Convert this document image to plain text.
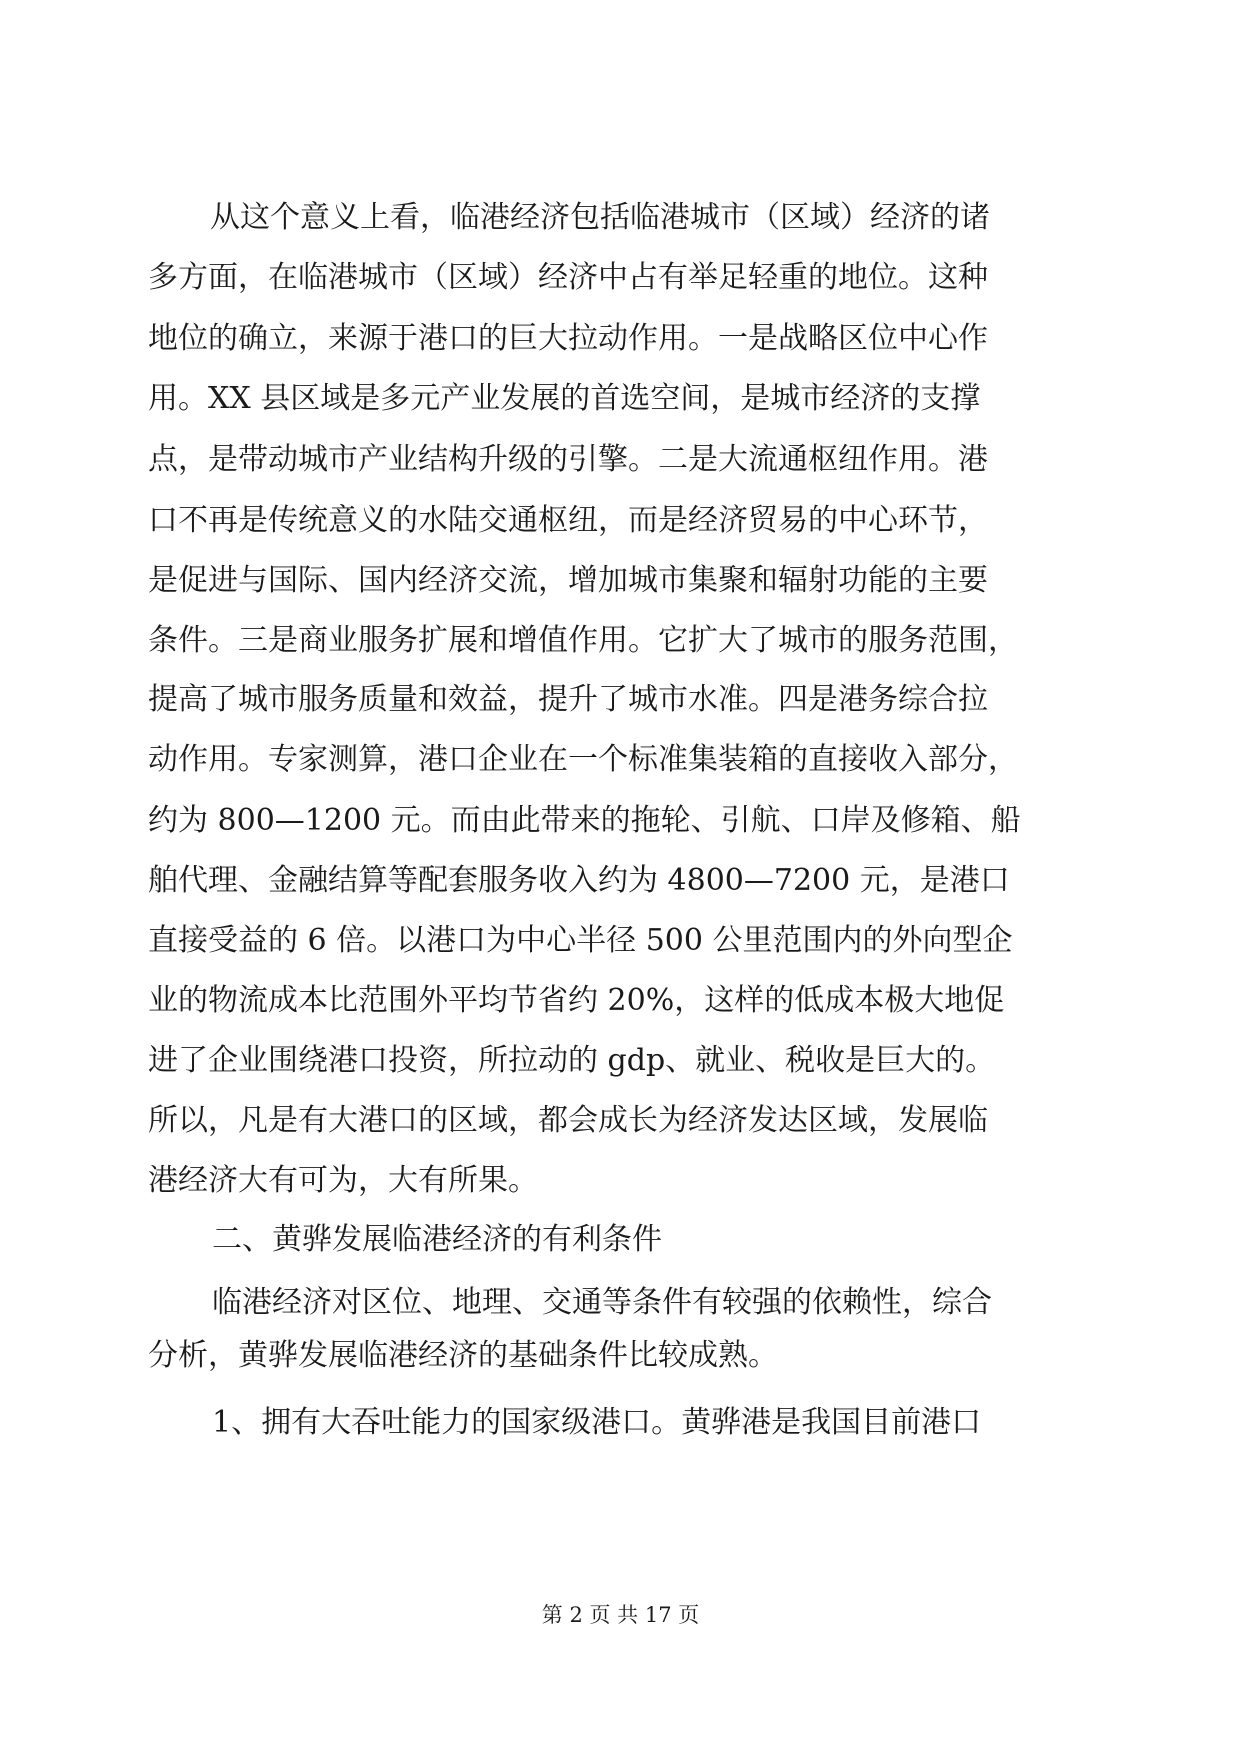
从这个意义上看，临港经济包括临港城市（区域）经济的诸
多方面，在临港城市（区域）经济中占有举足轻重的地位。这种
地位的确立，来源于港口的巨大拉动作用。一是战略区位中心作
用。XX 县区域是多元产业发展的首选空间，是城市经济的支撑
点，是带动城市产业结构升级的引擎。二是大流通枢纽作用。港
口不再是传统意义的水陆交通枢纽，而是经济贸易的中心环节，
是促进与国际、国内经济交流，增加城市集聚和辐射功能的主要
条件。三是商业服务扩展和增值作用。它扩大了城市的服务范围，
提高了城市服务质量和效益，提升了城市水准。四是港务综合拉
动作用。专家测算，港口企业在一个标准集装箱的直接收入部分，
约为 800—1200 元。而由此带来的拖轮、引航、口岸及修箱、船
舶代理、金融结算等配套服务收入约为 4800—7200 元，是港口
直接受益的 6 倍。以港口为中心半径 500 公里范围内的外向型企
业的物流成本比范围外平均节省约 20%，这样的低成本极大地促
进了企业围绕港口投资，所拉动的 gdp、就业、税收是巨大的。
所以，凡是有大港口的区域，都会成长为经济发达区域，发展临
港经济大有可为，大有所果。
二、黄骅发展临港经济的有利条件
临港经济对区位、地理、交通等条件有较强的依赖性，综合
分析，黄骅发展临港经济的基础条件比较成熟。
1、拥有大吞吐能力的国家级港口。黄骅港是我国目前港口
第 2 页 共 17 页
